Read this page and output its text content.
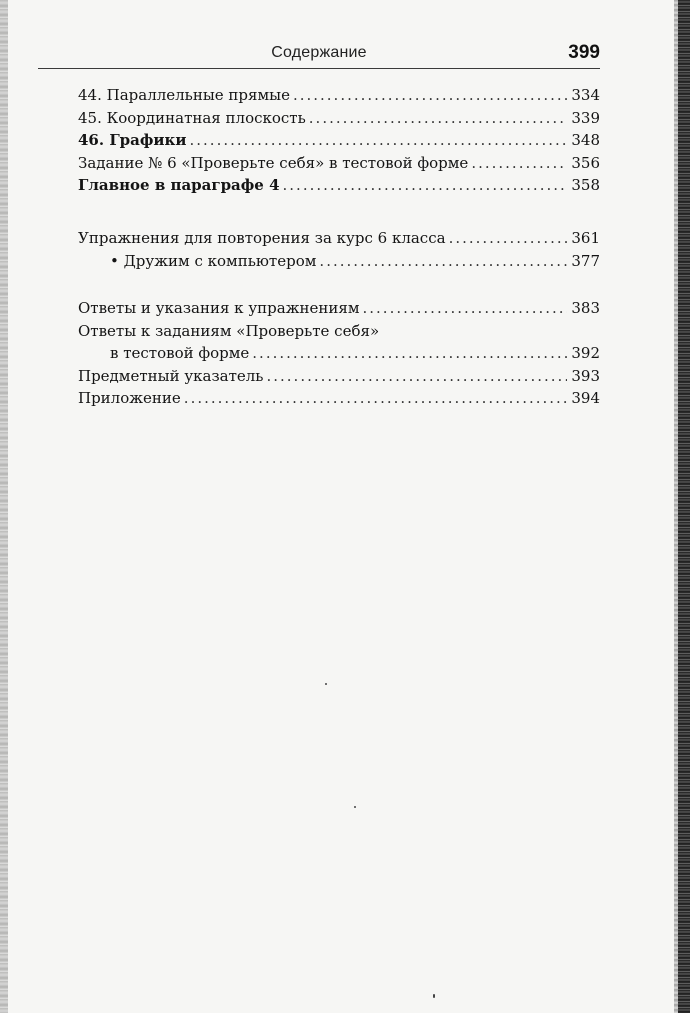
Содержание	399
44. Параллельные прямые .....	334
45. Координатная плоскость .....	339
46. Графики .....	348
Задание № 6 «Проверьте себя» в тестовой форме .....	356
Главное в параграфе 4 .....	358
Упражнения для повторения за курс 6 класса .....	361
• Дружим с компьютером .....	377
Ответы и указания к упражнениям .....	383
Ответы к заданиям «Проверьте себя»
в тестовой форме .....	392
Предметный указатель .....	393
Приложение .....	394
